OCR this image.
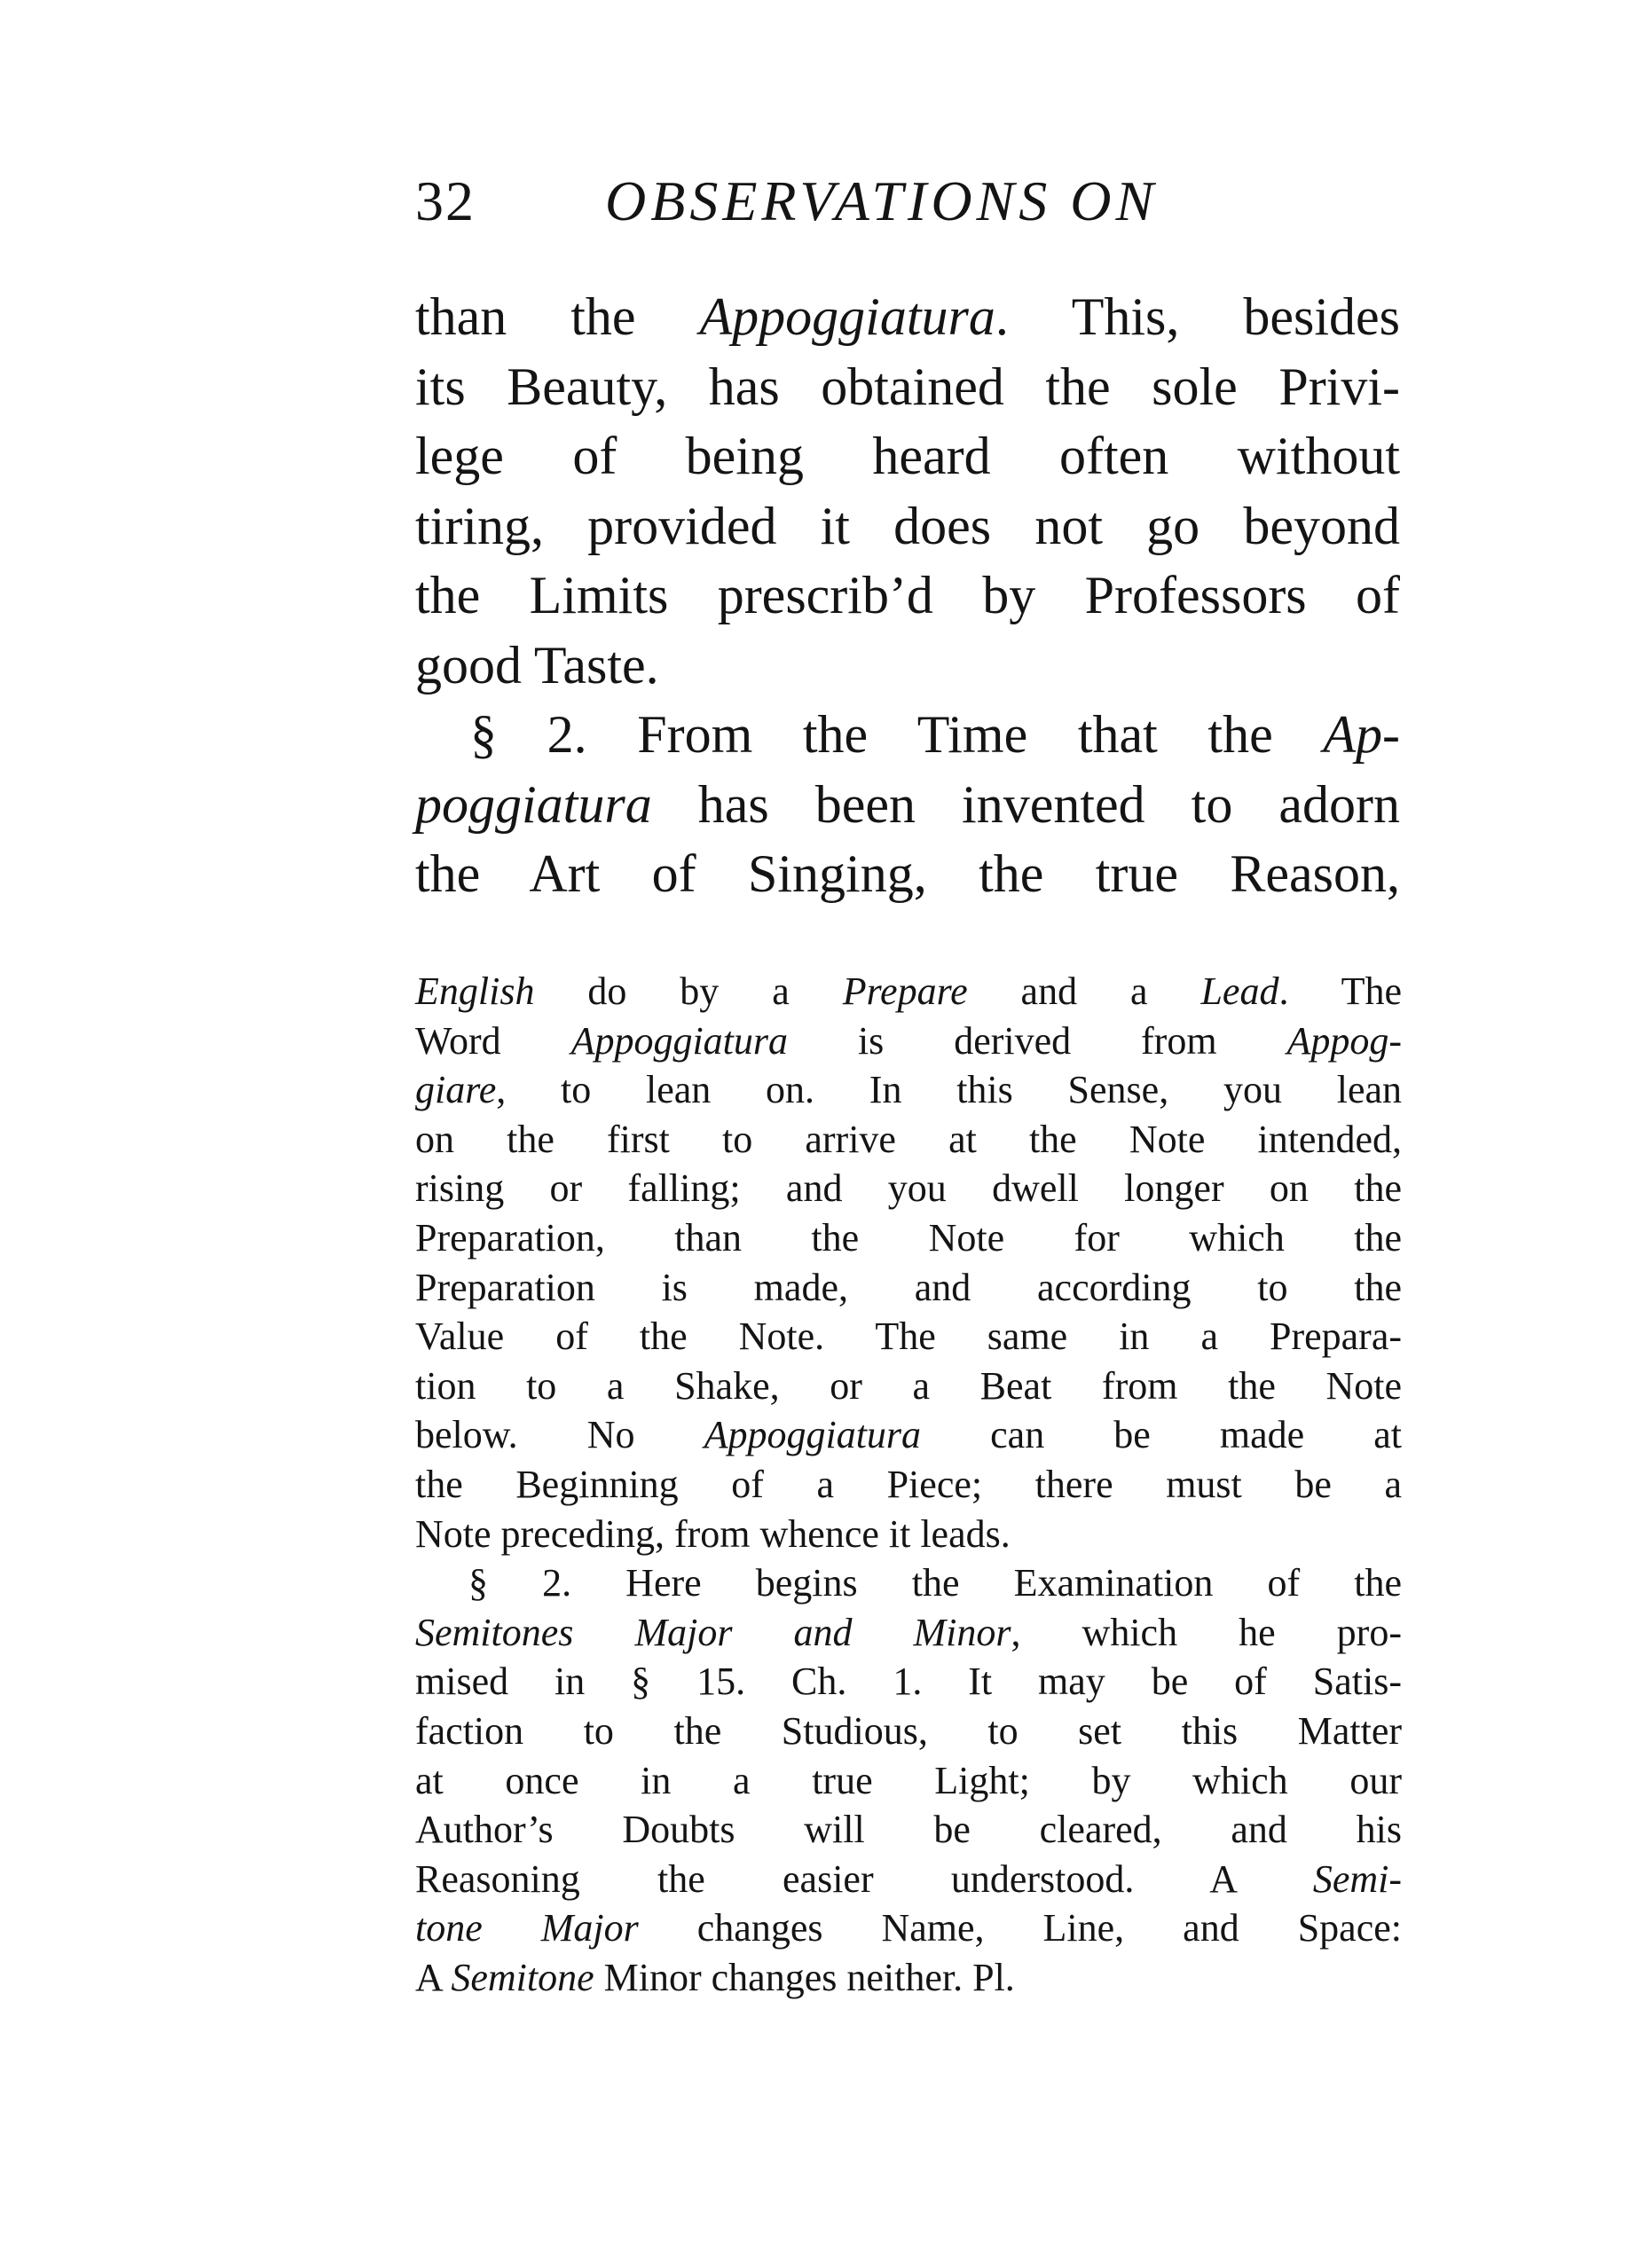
32 OBSERVATIONS ON
than the Appoggiatura. This, besides
its Beauty, has obtained the sole Privi-
lege of being heard often without
tiring, provided it does not go beyond
the Limits prescrib’d by Professors of
good Taste.
§ 2. From the Time that the Ap-
poggiatura has been invented to adorn
the Art of Singing, the true Reason,
English do by a Prepare and a Lead. The
Word Appoggiatura is derived from Appog-
giare, to lean on. In this Sense, you lean
on the first to arrive at the Note intended,
rising or falling; and you dwell longer on the
Preparation, than the Note for which the
Preparation is made, and according to the
Value of the Note. The same in a Prepara-
tion to a Shake, or a Beat from the Note
below. No Appoggiatura can be made at
the Beginning of a Piece; there must be a
Note preceding, from whence it leads.
§ 2. Here begins the Examination of the
Semitones Major and Minor, which he pro-
mised in § 15. Ch. 1. It may be of Satis-
faction to the Studious, to set this Matter
at once in a true Light; by which our
Author’s Doubts will be cleared, and his
Reasoning the easier understood. A Semi-
tone Major changes Name, Line, and Space:
A Semitone Minor changes neither. Pl.
